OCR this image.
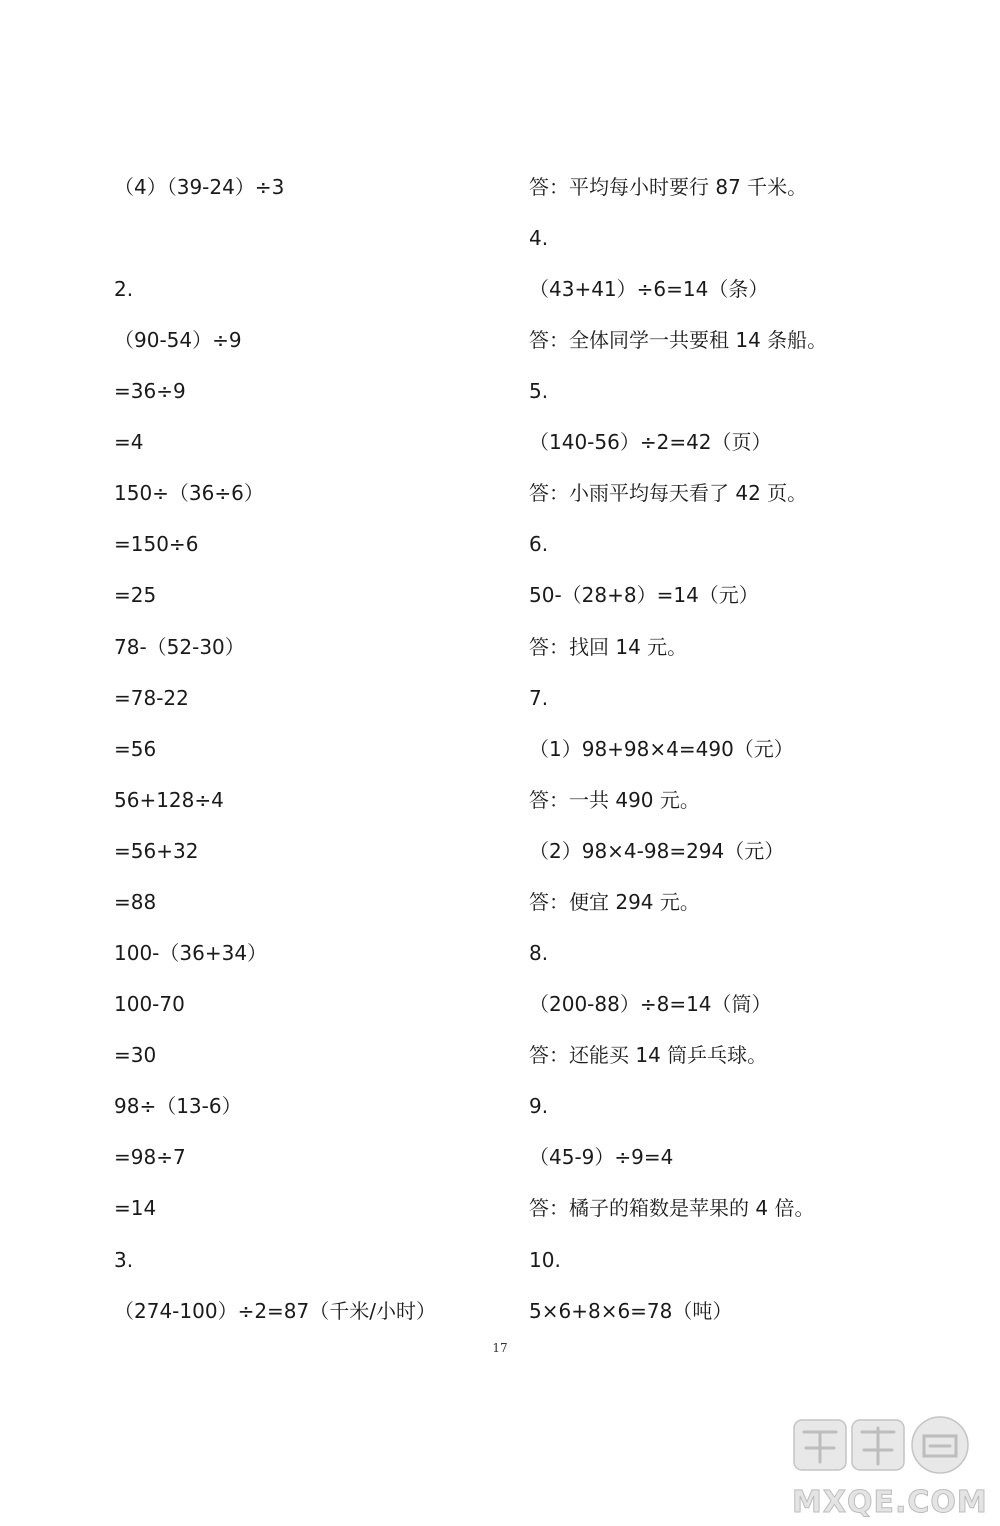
（4）（39-24）÷3
2.
（90-54）÷9
=36÷9
=4
150÷（36÷6）
=150÷6
=25
78-（52-30）
=78-22
=56
56+128÷4
=56+32
=88
100-（36+34）
100-70
=30
98÷（13-6）
=98÷7
=14
3.
（274-100）÷2=87（千米/小时）
答：平均每小时要行 87 千米。
4.
（43+41）÷6=14（条）
答：全体同学一共要租 14 条船。
5.
（140-56）÷2=42（页）
答：小雨平均每天看了 42 页。
6.
50-（28+8）=14（元）
答：找回 14 元。
7.
（1）98+98×4=490（元）
答：一共 490 元。
（2）98×4-98=294（元）
答：便宜 294 元。
8.
（200-88）÷8=14（筒）
答：还能买 14 筒乒乓球。
9.
（45-9）÷9=4
答：橘子的箱数是苹果的 4 倍。
10.
5×6+8×6=78（吨）
17
MXQE.COM
